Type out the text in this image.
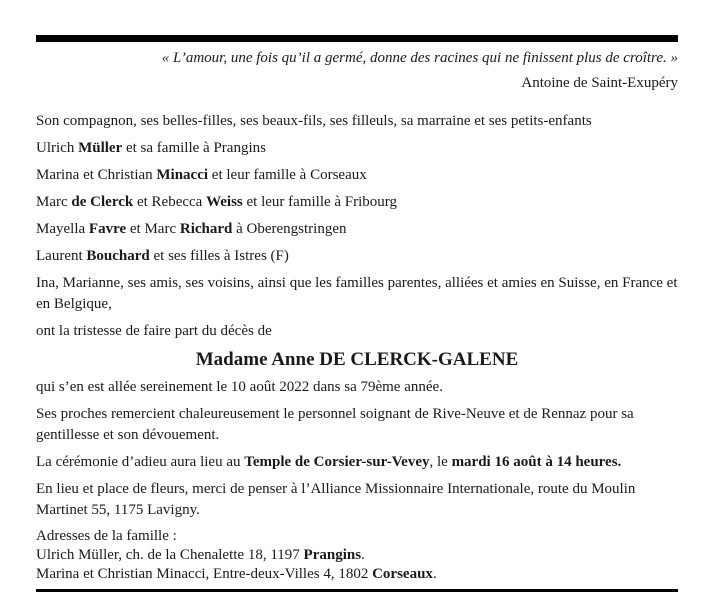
« L’amour, une fois qu’il a germé, donne des racines qui ne finissent plus de croître. »
Antoine de Saint-Exupéry

Son compagnon, ses belles-filles, ses beaux-fils, ses filleuls, sa marraine et ses petits-enfants

Ulrich Müller et sa famille à Prangins

Marina et Christian Minacci et leur famille à Corseaux

Marc de Clerck et Rebecca Weiss et leur famille à Fribourg

Mayella Favre et Marc Richard à Oberengstringen

Laurent Bouchard et ses filles à Istres (F)

Ina, Marianne, ses amis, ses voisins, ainsi que les familles parentes, alliées et amies en Suisse, en France et en Belgique,

ont la tristesse de faire part du décès de

Madame Anne DE CLERCK-GALENE

qui s’en est allée sereinement le 10 août 2022 dans sa 79ème année.

Ses proches remercient chaleureusement le personnel soignant de Rive-Neuve et de Rennaz pour sa gentillesse et son dévouement.

La cérémonie d’adieu aura lieu au Temple de Corsier-sur-Vevey, le mardi 16 août à 14 heures.

En lieu et place de fleurs, merci de penser à l’Alliance Missionnaire Internationale, route du Moulin Martinet 55, 1175 Lavigny.

Adresses de la famille :
Ulrich Müller, ch. de la Chenalette 18, 1197 Prangins.
Marina et Christian Minacci, Entre-deux-Villes 4, 1802 Corseaux.
